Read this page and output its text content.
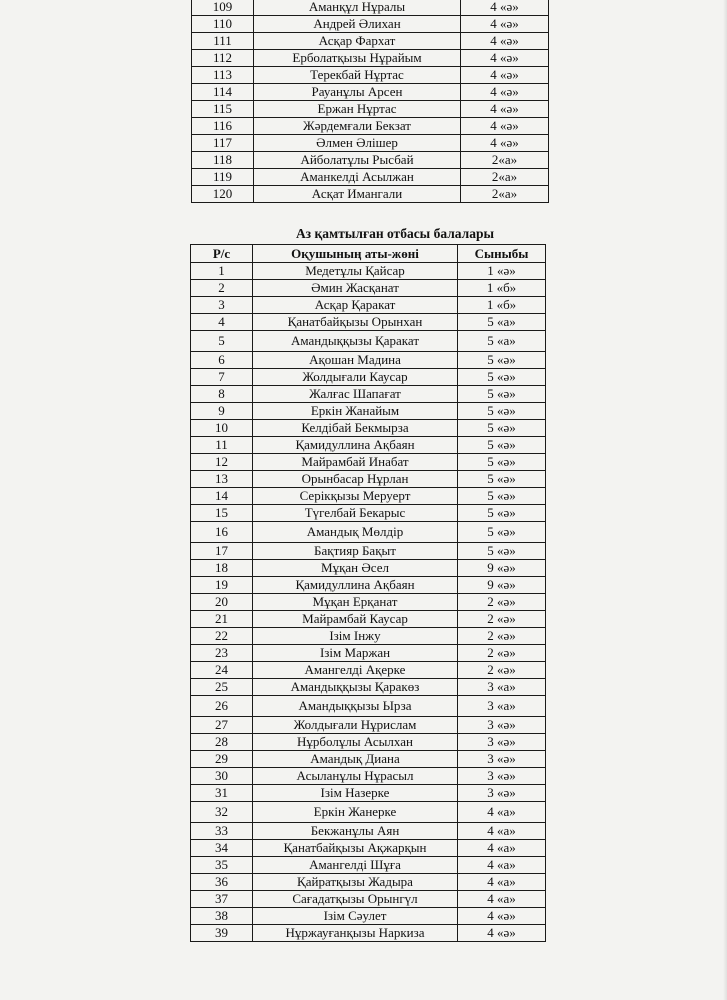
109	Аманқұл Нұралы	4 «ә»
110	Андрей Әлихан	4 «ә»
111	Асқар Фархат	4 «ә»
112	Ерболатқызы Нұрайым	4 «ә»
113	Терекбай Нұртас	4 «ә»
114	Рауанұлы Арсен	4 «ә»
115	Ержан Нұртас	4 «ә»
116	Жәрдемғали Бекзат	4 «ә»
117	Әлмен Әлішер	4 «ә»
118	Айболатұлы Рысбай	2«а»
119	Аманкелді Асылжан	2«а»
120	Асқат Имангали	2«а»
Аз қамтылған отбасы балалары
Р/с	Оқушының аты-жөні	Сыныбы
1	Медетұлы Қайсар	1 «ә»
2	Әмин Жасқанат	1 «б»
3	Асқар Қаракат	1 «б»
4	Қанатбайқызы Орынхан	5 «а»
5	Амандыққызы Қаракат	5 «а»
6	Ақошан Мадина	5 «ә»
7	Жолдығали Каусар	5 «ә»
8	Жалғас Шапағат	5 «ә»
9	Еркін Жанайым	5 «ә»
10	Келдібай Бекмырза	5 «ә»
11	Қамидуллина Ақбаян	5 «ә»
12	Майрамбай Инабат	5 «ә»
13	Орынбасар Нұрлан	5 «ә»
14	Серікқызы Меруерт	5 «ә»
15	Түгелбай Бекарыс	5 «ә»
16	Амандық Мөлдір	5 «ә»
17	Бақтияр Бақыт	5 «ә»
18	Мұқан Әсел	9 «ә»
19	Қамидуллина Ақбаян	9 «ә»
20	Мұқан Ерқанат	2 «ә»
21	Майрамбай Каусар	2 «ә»
22	Ізім Інжу	2 «ә»
23	Ізім Маржан	2 «ә»
24	Амангелді Ақерке	2 «ә»
25	Амандыққызы Қаракөз	3 «а»
26	Амандыққызы Ырза	3 «а»
27	Жолдығали Нұрислам	3 «ә»
28	Нұрболұлы Асылхан	3 «ә»
29	Амандық Диана	3 «ә»
30	Асыланұлы Нұрасыл	3 «ә»
31	Ізім Назерке	3 «ә»
32	Еркін Жанерке	4 «а»
33	Бекжанұлы Аян	4 «а»
34	Қанатбайқызы Ақжарқын	4 «а»
35	Амангелді Шұға	4 «а»
36	Қайратқызы Жадыра	4 «а»
37	Сағадатқызы Орынгүл	4 «а»
38	Ізім Сәулет	4 «ә»
39	Нұржауғанқызы Наркиза	4 «ә»
